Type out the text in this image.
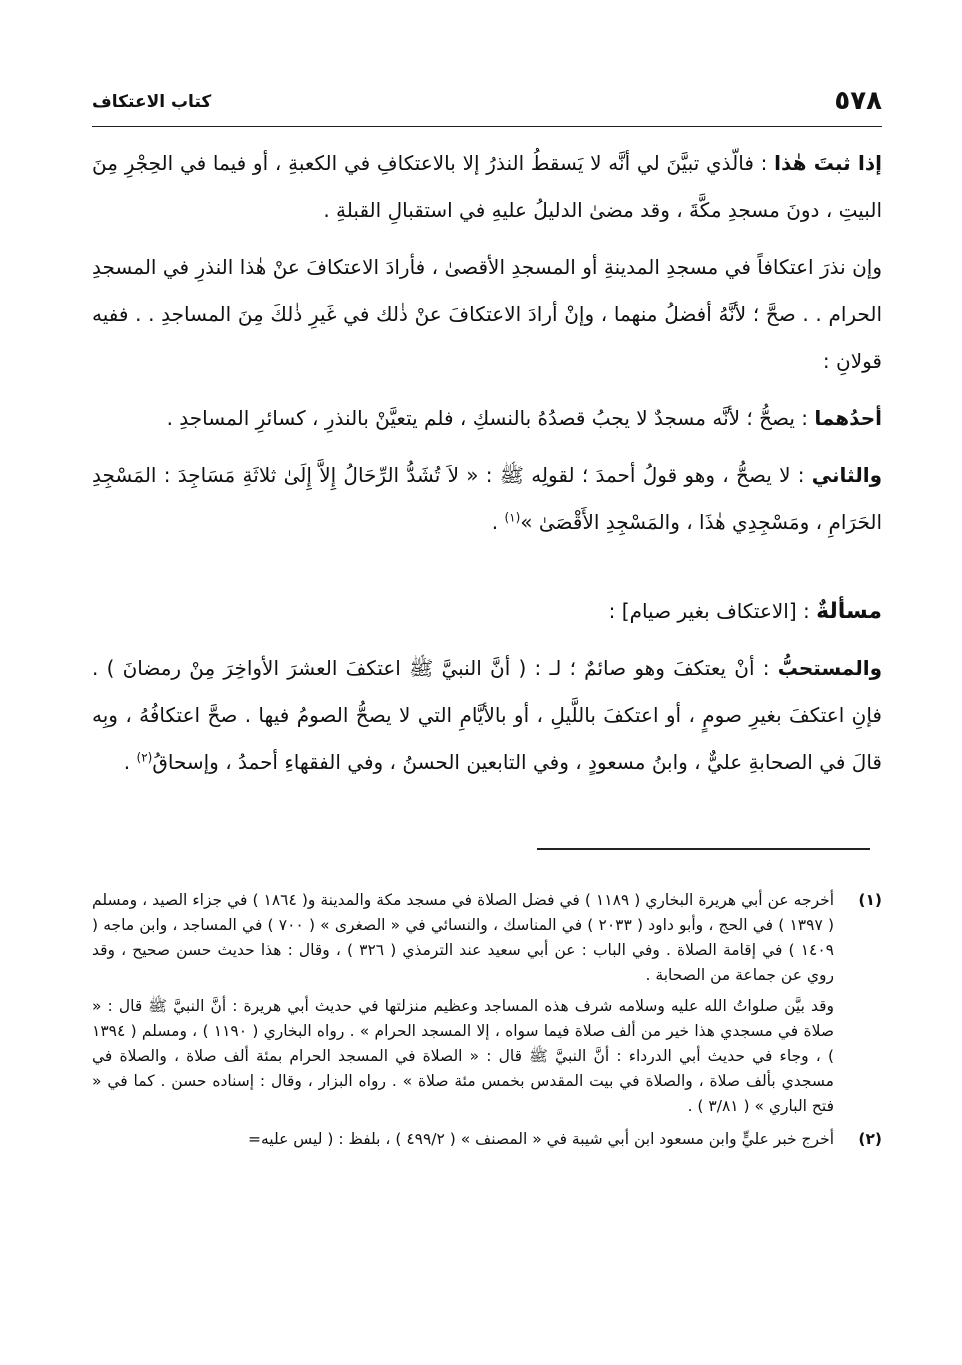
٥٧٨
كتاب الاعتكاف

إذا ثبتَ هٰذا : فالّذي تبيَّنَ لي أنَّه لا يَسقطُ النذرُ إلا بالاعتكافِ في الكعبةِ ، أو فيما في الحِجْرِ مِنَ البيتِ ، دونَ مسجدِ مكَّةَ ، وقد مضىٰ الدليلُ عليهِ في استقبالِ القبلةِ .

وإن نذرَ اعتكافاً في مسجدِ المدينةِ أو المسجدِ الأقصىٰ ، فأرادَ الاعتكافَ عنْ هٰذا النذرِ في المسجدِ الحرام . . صحَّ ؛ لأنَّهُ أفضلُ منهما ، وإنْ أرادَ الاعتكافَ عنْ ذٰلك في غَيرِ ذٰلكَ مِنَ المساجدِ . . ففيه قولانِ :

أحدُهما : يصحُّ ؛ لأنَّه مسجدٌ لا يجبُ قصدُهُ بالنسكِ ، فلم يتعيَّنْ بالنذرِ ، كسائرِ المساجدِ .

والثاني : لا يصحُّ ، وهو قولُ أحمدَ ؛ لقولِه ﷺ : « لاَ تُشَدُّ الرِّحَالُ إِلاَّ إِلَىٰ ثلاثَةِ مَسَاجِدَ : المَسْجِدِ الحَرَامِ ، ومَسْجِدِي هٰذَا ، والمَسْجِدِ الأَقْصَىٰ »$^{(١)}$ .

مسألةٌ : [الاعتكاف بغير صيام] :

والمستحبُّ : أنْ يعتكفَ وهو صائمٌ ؛ لـ : ( أنَّ النبيَّ ﷺ اعتكفَ العشرَ الأواخِرَ مِنْ رمضانَ ) . فإنِ اعتكفَ بغيرِ صومٍ ، أو اعتكفَ باللَّيلِ ، أو بالأيَّامِ التي لا يصحُّ الصومُ فيها . صحَّ اعتكافُهُ ، وبِه قالَ في الصحابةِ عليٌّ ، وابنُ مسعودٍ ، وفي التابعين الحسنُ ، وفي الفقهاءِ أحمدُ ، وإسحاقُ$^{(٢)}$ .

(١)

أخرجه عن أبي هريرة البخاري ( ١١٨٩ ) في فضل الصلاة في مسجد مكة والمدينة و( ١٨٦٤ ) في جزاء الصيد ، ومسلم ( ١٣٩٧ ) في الحج ، وأبو داود ( ٢٠٣٣ ) في المناسك ، والنسائي في « الصغرى » ( ٧٠٠ ) في المساجد ، وابن ماجه ( ١٤٠٩ ) في إقامة الصلاة . وفي الباب : عن أبي سعيد عند الترمذي ( ٣٢٦ ) ، وقال : هذا حديث حسن صحيح ، وقد روي عن جماعة من الصحابة .

وقد بيَّن صلواتُ الله عليه وسلامه شرف هذه المساجد وعظيم منزلتها في حديث أبي هريرة : أنَّ النبيَّ ﷺ قال : « صلاة في مسجدي هذا خير من ألف صلاة فيما سواه ، إلا المسجد الحرام » . رواه البخاري ( ١١٩٠ ) ، ومسلم ( ١٣٩٤ ) ، وجاء في حديث أبي الدرداء : أنَّ النبيَّ ﷺ قال : « الصلاة في المسجد الحرام بمئة ألف صلاة ، والصلاة في مسجدي بألف صلاة ، والصلاة في بيت المقدس بخمس مئة صلاة » . رواه البزار ، وقال : إسناده حسن . كما في « فتح الباري » ( ٣/٨١ ) .

(٢)

أخرج خبر عليٍّ وابن مسعود ابن أبي شيبة في « المصنف » ( ٤٩٩/٢ ) ، بلفظ : ( ليس عليه=
